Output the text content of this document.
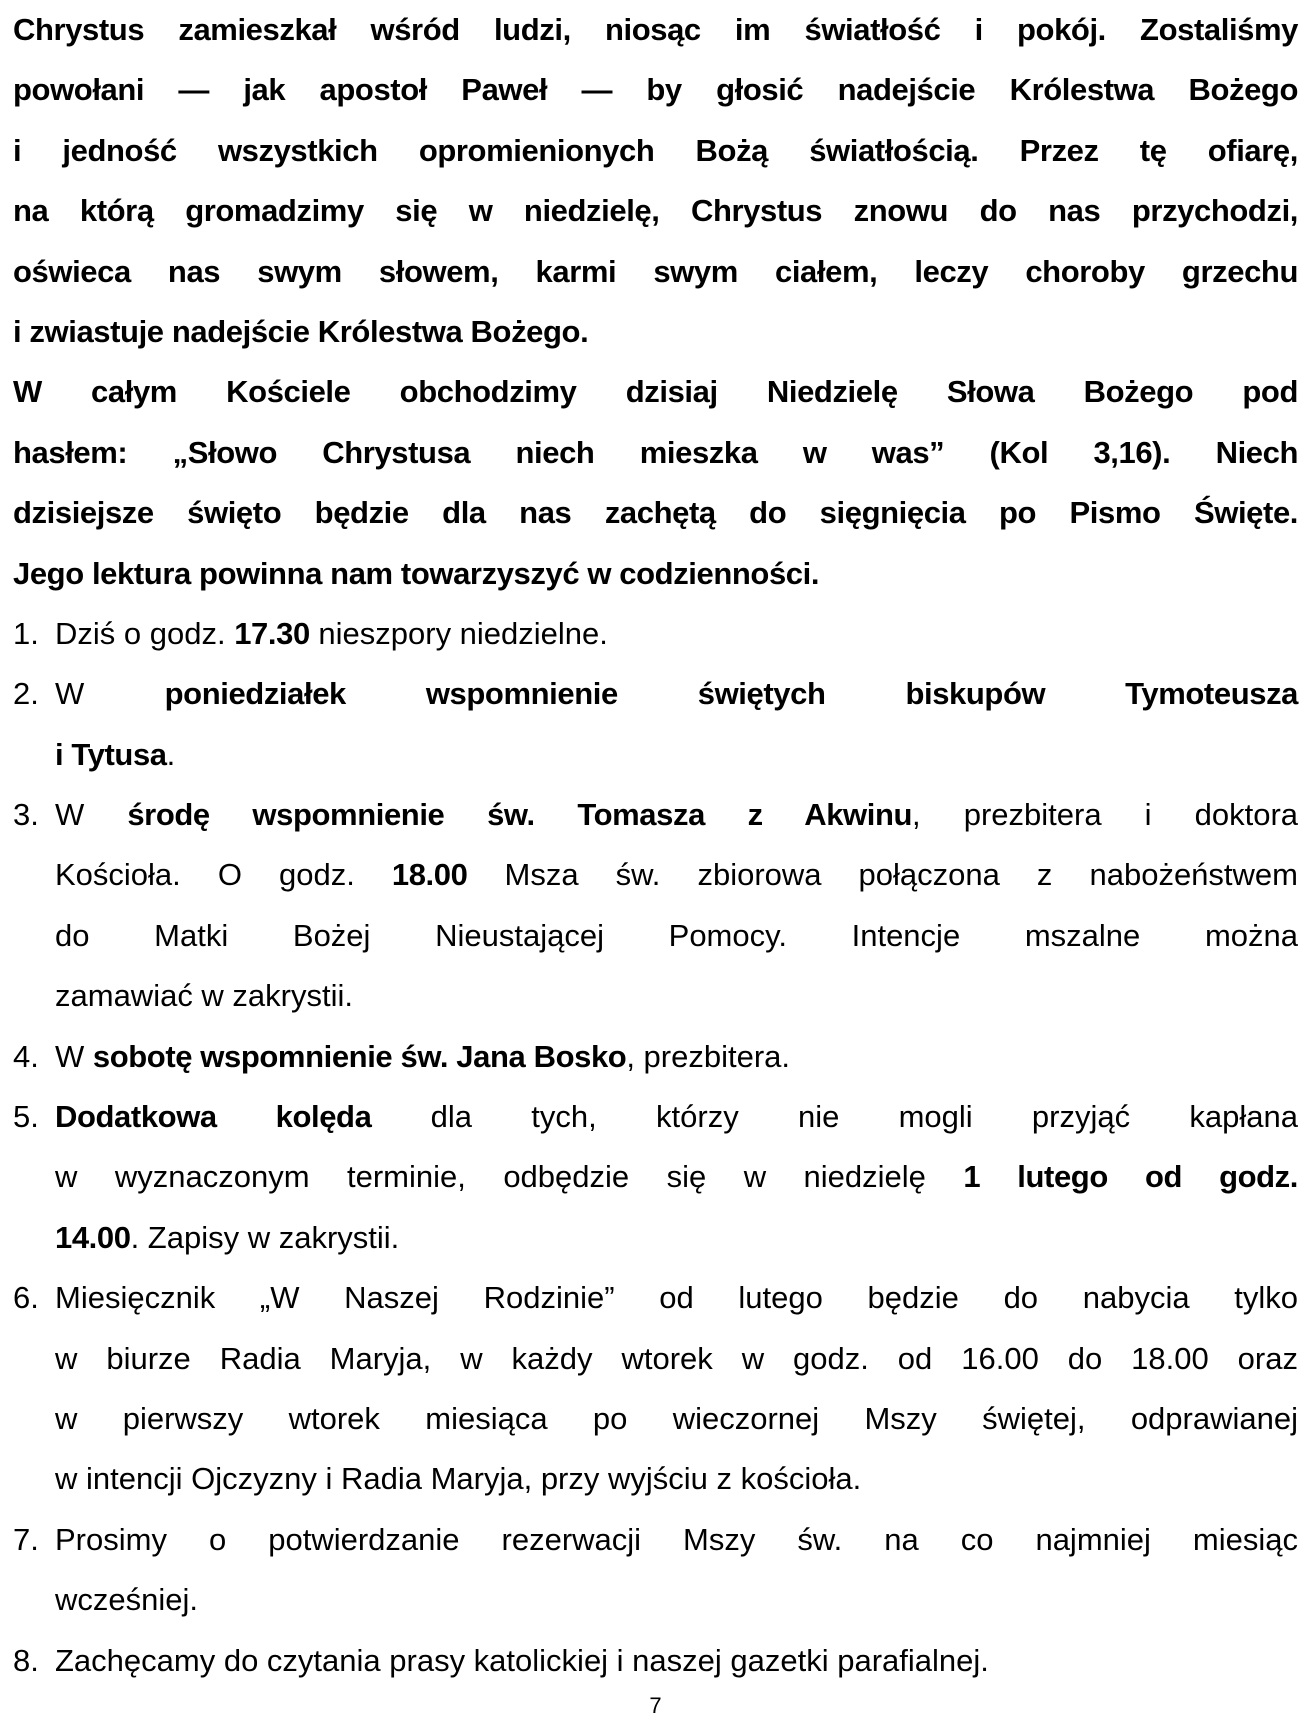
Chrystus zamieszkał wśród ludzi, niosąc im światłość i pokój. Zostaliśmy
powołani — jak apostoł Paweł — by głosić nadejście Królestwa Bożego
i jedność wszystkich opromienionych Bożą światłością. Przez tę ofiarę,
na którą gromadzimy się w niedzielę, Chrystus znowu do nas przychodzi,
oświeca nas swym słowem, karmi swym ciałem, leczy choroby grzechu
i zwiastuje nadejście Królestwa Bożego.
W całym Kościele obchodzimy dzisiaj Niedzielę Słowa Bożego pod
hasłem: „Słowo Chrystusa niech mieszka w was” (Kol 3,16). Niech
dzisiejsze święto będzie dla nas zachętą do sięgnięcia po Pismo Święte.
Jego lektura powinna nam towarzyszyć w codzienności.
1. Dziś o godz. 17.30 nieszpory niedzielne.
2. W poniedziałek wspomnienie świętych biskupów Tymoteusza
i Tytusa.
3. W środę wspomnienie św. Tomasza z Akwinu, prezbitera i doktora
Kościoła. O godz. 18.00 Msza św. zbiorowa połączona z nabożeństwem
do Matki Bożej Nieustającej Pomocy. Intencje mszalne można
zamawiać w zakrystii.
4. W sobotę wspomnienie św. Jana Bosko, prezbitera.
5. Dodatkowa kolęda dla tych, którzy nie mogli przyjąć kapłana
w wyznaczonym terminie, odbędzie się w niedzielę 1 lutego od godz.
14.00. Zapisy w zakrystii.
6. Miesięcznik „W Naszej Rodzinie” od lutego będzie do nabycia tylko
w biurze Radia Maryja, w każdy wtorek w godz. od 16.00 do 18.00 oraz
w pierwszy wtorek miesiąca po wieczornej Mszy świętej, odprawianej
w intencji Ojczyzny i Radia Maryja, przy wyjściu z kościoła.
7. Prosimy o potwierdzanie rezerwacji Mszy św. na co najmniej miesiąc
wcześniej.
8. Zachęcamy do czytania prasy katolickiej i naszej gazetki parafialnej.
7
